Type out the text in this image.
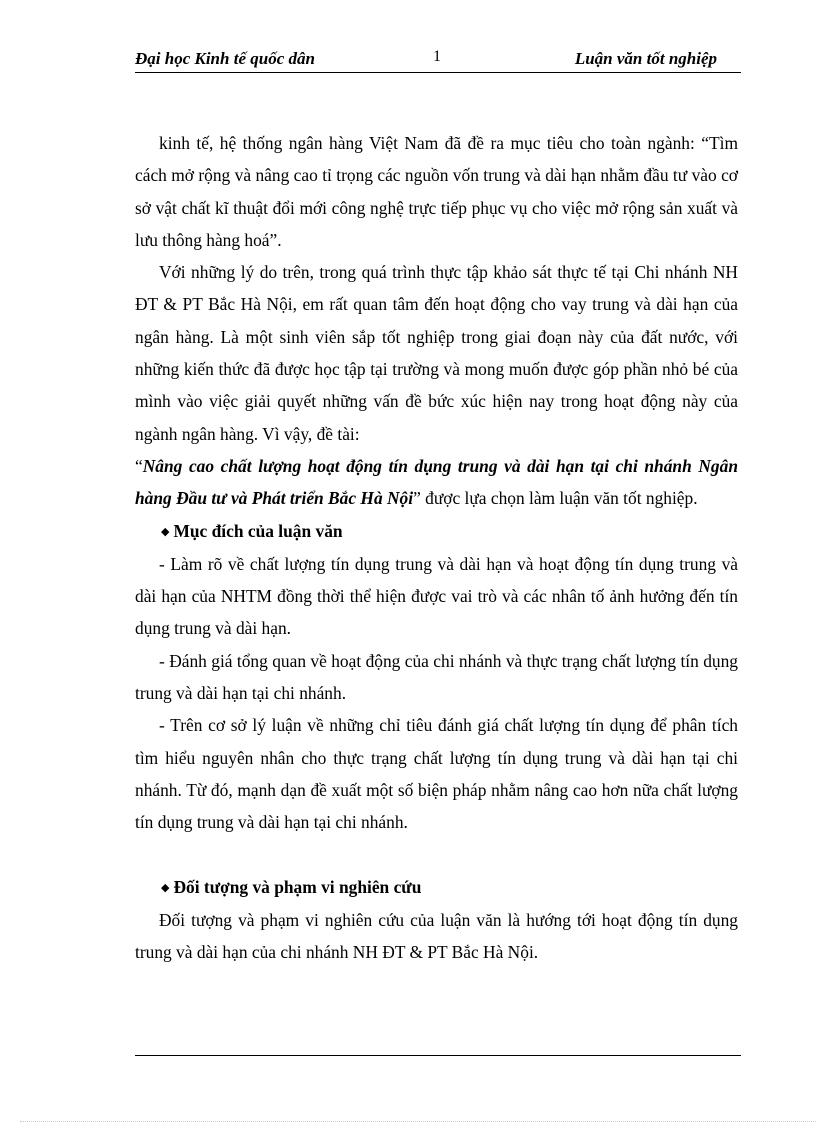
Đại học Kinh tế quốc dân	1	Luận văn tốt nghiệp

kinh tế, hệ thống ngân hàng Việt Nam đã đề ra mục tiêu cho toàn ngành: “Tìm cách mở rộng và nâng cao tỉ trọng các nguồn vốn trung và dài hạn nhằm đầu tư vào cơ sở vật chất kĩ thuật đổi mới công nghệ trực tiếp phục vụ cho việc mở rộng sản xuất và lưu thông hàng hoá”.

Với những lý do trên, trong quá trình thực tập khảo sát thực tế tại Chi nhánh NH ĐT & PT Bắc Hà Nội, em rất quan tâm đến hoạt động cho vay trung và dài hạn của ngân hàng. Là một sinh viên sắp tốt nghiệp trong giai đoạn này của đất nước, với những kiến thức đã được học tập tại trường và mong muốn được góp phần nhỏ bé của mình vào việc giải quyết những vấn đề bức xúc hiện nay trong hoạt động này của ngành ngân hàng. Vì vậy, đề tài:

“Nâng cao chất lượng hoạt động tín dụng trung và dài hạn tại chi nhánh Ngân hàng Đầu tư và Phát triển Bắc Hà Nội” được lựa chọn làm luận văn tốt nghiệp.

◆ Mục đích của luận văn

- Làm rõ về chất lượng tín dụng trung và dài hạn và hoạt động tín dụng trung và dài hạn của NHTM đồng thời thể hiện được vai trò và các nhân tố ảnh hưởng đến tín dụng trung và dài hạn.

- Đánh giá tổng quan về hoạt động của chi nhánh và thực trạng chất lượng tín dụng trung và dài hạn tại chi nhánh.

- Trên cơ sở lý luận về những chỉ tiêu đánh giá chất lượng tín dụng để phân tích tìm hiểu nguyên nhân cho thực trạng chất lượng tín dụng trung và dài hạn tại chi nhánh. Từ đó, mạnh dạn đề xuất một số biện pháp nhằm nâng cao hơn nữa chất lượng tín dụng trung và dài hạn tại chi nhánh.

◆ Đối tượng và phạm vi nghiên cứu

Đối tượng và phạm vi nghiên cứu của luận văn là hướng tới hoạt động tín dụng trung và dài hạn của chi nhánh NH ĐT & PT Bắc Hà Nội.
